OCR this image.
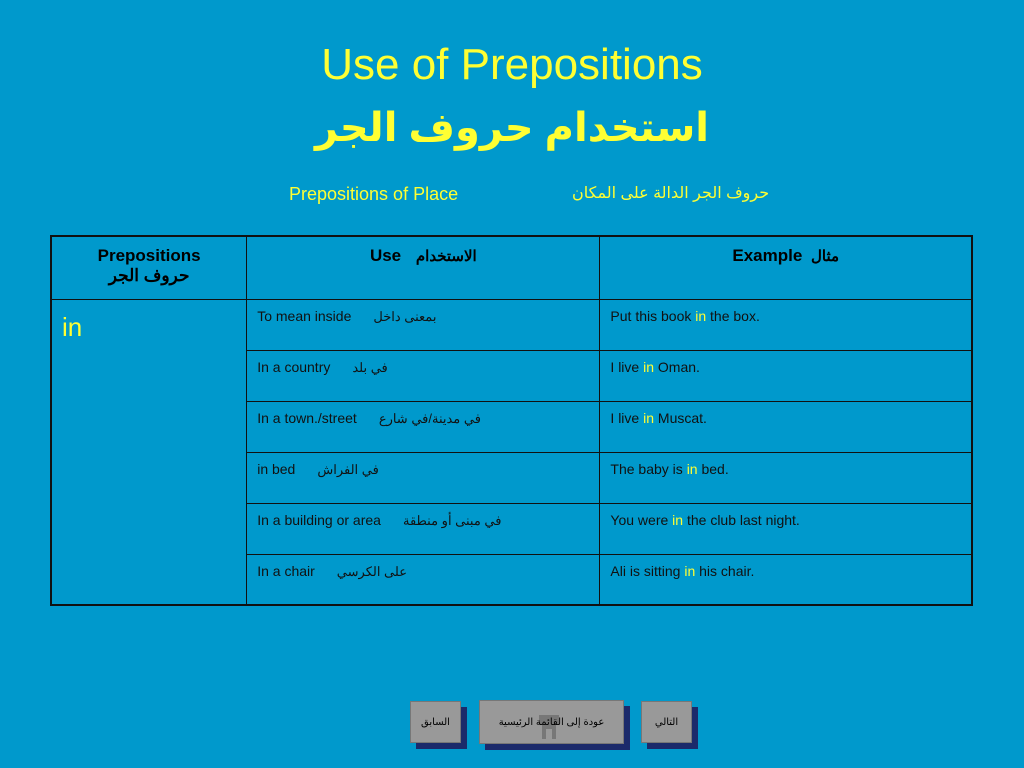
Use of Prepositions
استخدام حروف الجر
Prepositions of Place	حروف الجر الدالة على المكان
Prepositions
حروف الجر	Use الاستخدام	Example مثال
in	To mean inside بمعنى داخل	Put this book in the box.
	In a country في بلد	I live in Oman.
	In a town./street في مدينة/في شارع	I live in Muscat.
	in bed في الفراش	The baby is in bed.
	In a building or area في مبنى أو منطقة	You were in the club last night.
	In a chair على الكرسي	Ali is sitting in his chair.
السابق	عودة إلى القائمة الرئيسية	التالي
